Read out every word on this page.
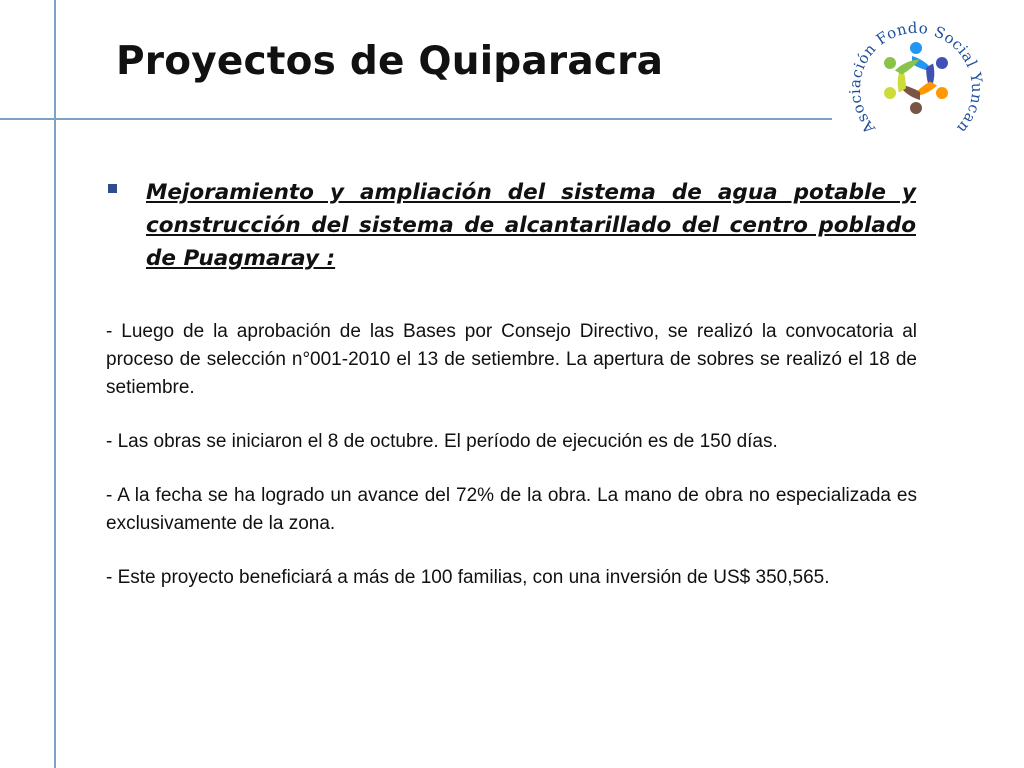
Proyectos de Quiparacra
Asociación Fondo Social Yuncan

Mejoramiento y ampliación del sistema de agua potable y construcción del sistema de alcantarillado del centro poblado de Puagmaray :

- Luego de la aprobación de las Bases por Consejo Directivo, se realizó la convocatoria al proceso de selección n°001-2010 el 13 de setiembre. La apertura de sobres se realizó el 18 de setiembre.

- Las obras se iniciaron el 8 de octubre. El período de ejecución es de 150 días.

- A la fecha se ha logrado un avance del 72% de la obra. La mano de obra no especializada es exclusivamente de la zona.

- Este proyecto beneficiará a más de 100 familias, con una inversión de US$ 350,565.
